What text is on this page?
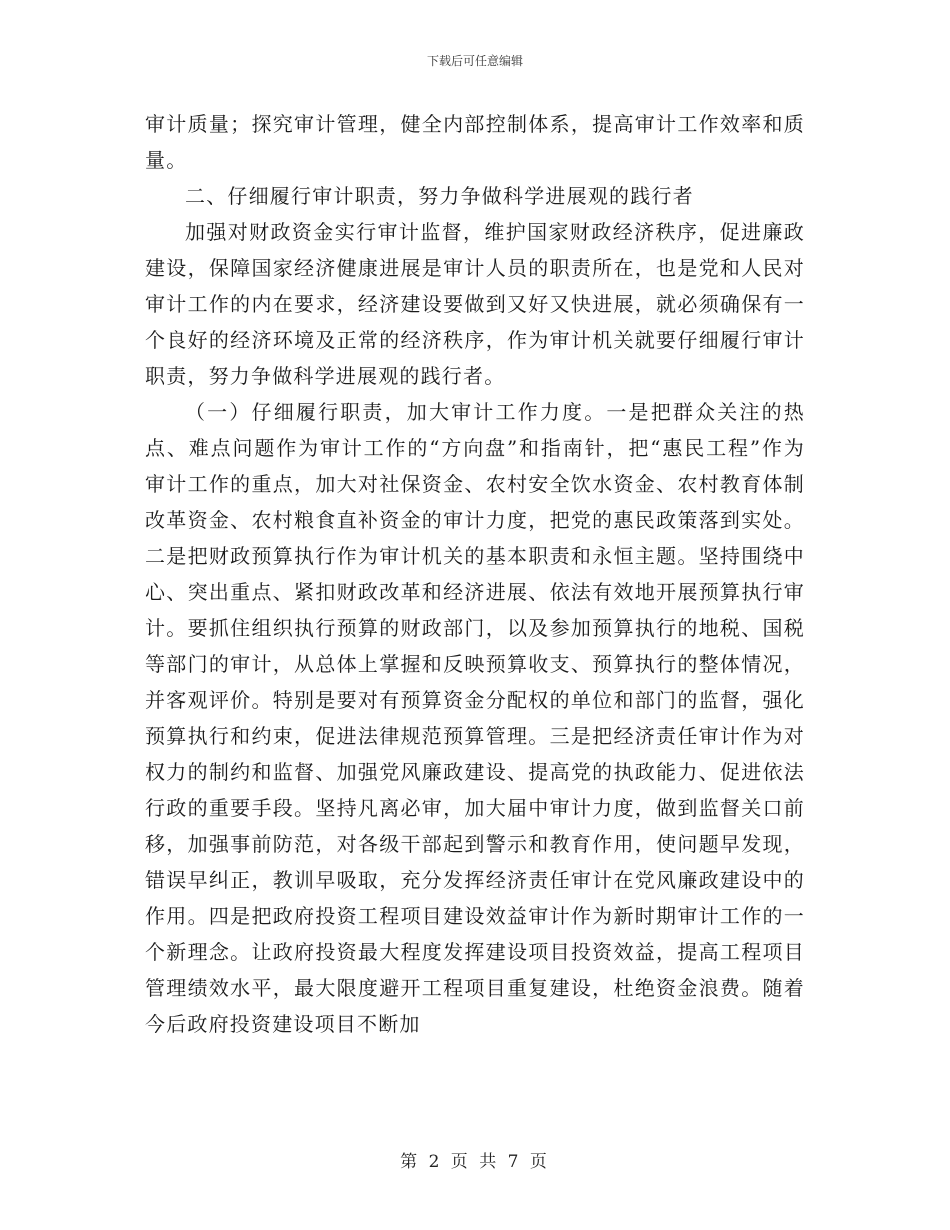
下载后可任意编辑

审计质量；探究审计管理，健全内部控制体系，提高审计工作效率和质量。

二、仔细履行审计职责，努力争做科学进展观的践行者

加强对财政资金实行审计监督，维护国家财政经济秩序，促进廉政建设，保障国家经济健康进展是审计人员的职责所在，也是党和人民对审计工作的内在要求，经济建设要做到又好又快进展，就必须确保有一个良好的经济环境及正常的经济秩序，作为审计机关就要仔细履行审计职责，努力争做科学进展观的践行者。

（一）仔细履行职责，加大审计工作力度。一是把群众关注的热点、难点问题作为审计工作的“方向盘”和指南针，把“惠民工程”作为审计工作的重点，加大对社保资金、农村安全饮水资金、农村教育体制改革资金、农村粮食直补资金的审计力度，把党的惠民政策落到实处。二是把财政预算执行作为审计机关的基本职责和永恒主题。坚持围绕中心、突出重点、紧扣财政改革和经济进展、依法有效地开展预算执行审计。要抓住组织执行预算的财政部门，以及参加预算执行的地税、国税等部门的审计，从总体上掌握和反映预算收支、预算执行的整体情况，并客观评价。特别是要对有预算资金分配权的单位和部门的监督，强化预算执行和约束，促进法律规范预算管理。三是把经济责任审计作为对权力的制约和监督、加强党风廉政建设、提高党的执政能力、促进依法行政的重要手段。坚持凡离必审，加大届中审计力度，做到监督关口前移，加强事前防范，对各级干部起到警示和教育作用，使问题早发现，错误早纠正，教训早吸取，充分发挥经济责任审计在党风廉政建设中的作用。四是把政府投资工程项目建设效益审计作为新时期审计工作的一个新理念。让政府投资最大程度发挥建设项目投资效益，提高工程项目管理绩效水平，最大限度避开工程项目重复建设，杜绝资金浪费。随着今后政府投资建设项目不断加

第 2 页 共 7 页
